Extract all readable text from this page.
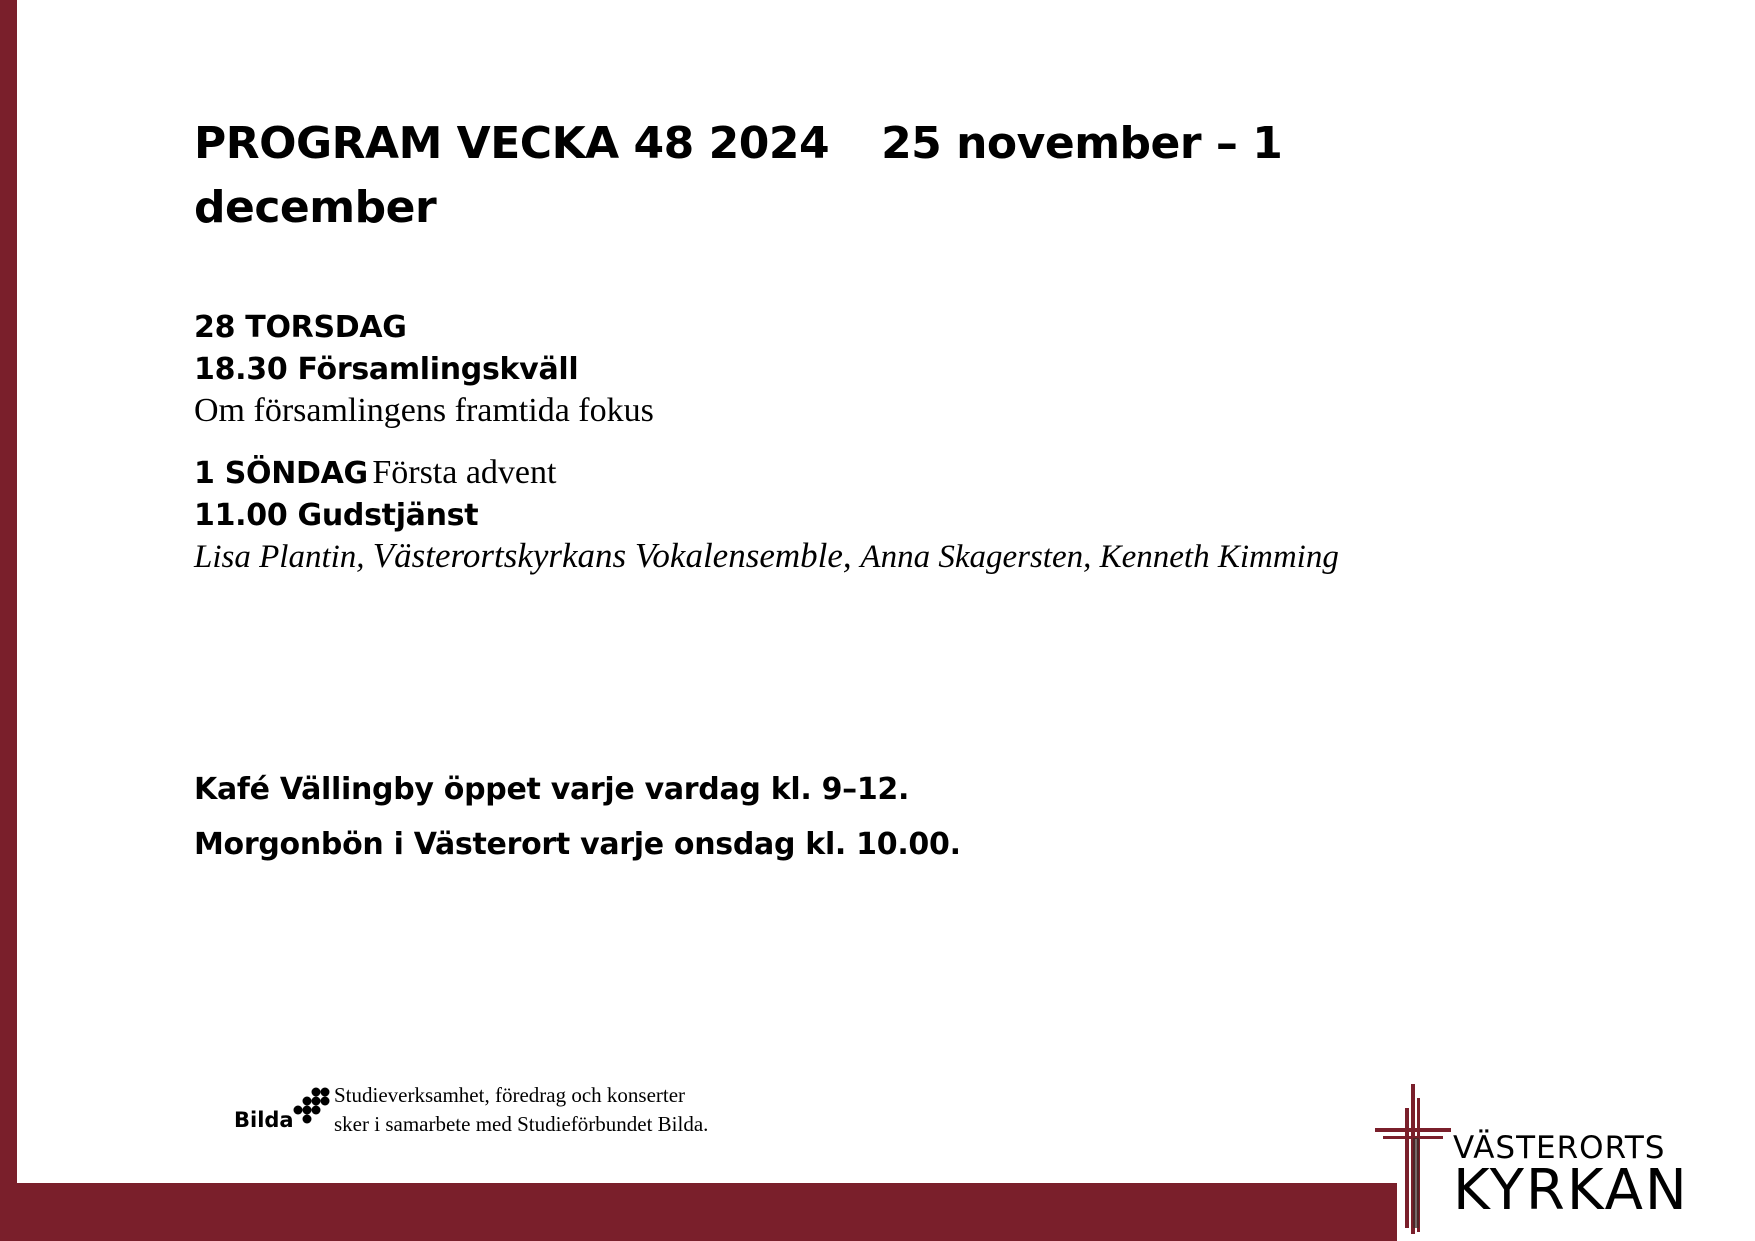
PROGRAM VECKA 48 2024 25 november – 1 december
28 TORSDAG
18.30 Församlingskväll
Om församlingens framtida fokus
1 SÖNDAG Första advent
11.00 Gudstjänst
Lisa Plantin, Västerortskyrkans Vokalensemble, Anna Skagersten, Kenneth Kimming
Kafé Vällingby öppet varje vardag kl. 9–12.
Morgonbön i Västerort varje onsdag kl. 10.00.
Bilda
Studieverksamhet, föredrag och konserter
sker i samarbete med Studieförbundet Bilda.
VÄSTERORTS
KYRKAN
